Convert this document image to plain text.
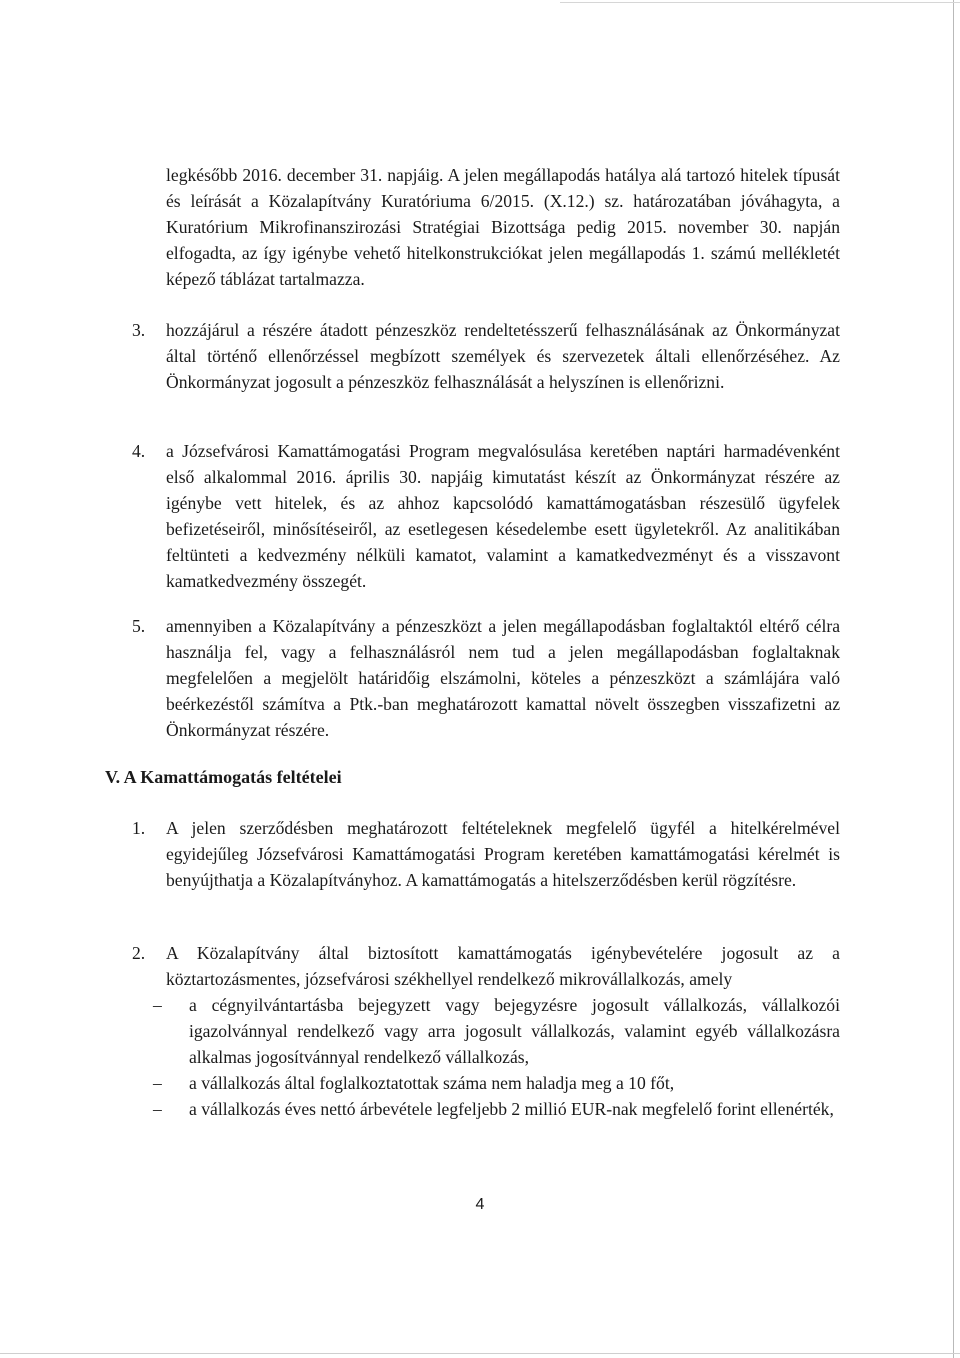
legkésőbb 2016. december 31. napjáig. A jelen megállapodás hatálya alá tartozó hitelek típusát és leírását a Közalapítvány Kuratóriuma 6/2015. (X.12.) sz. határozatában jóváhagyta, a Kuratórium Mikrofinanszirozási Stratégiai Bizottsága pedig 2015. november 30. napján elfogadta, az így igénybe vehető hitelkonstrukciókat jelen megállapodás 1. számú mellékletét képező táblázat tartalmazza.
3. hozzájárul a részére átadott pénzeszköz rendeltetésszerű felhasználásának az Önkormányzat által történő ellenőrzéssel megbízott személyek és szervezetek általi ellenőrzéséhez. Az Önkormányzat jogosult a pénzeszköz felhasználását a helyszínen is ellenőrizni.
4. a Józsefvárosi Kamattámogatási Program megvalósulása keretében naptári harmadévenként első alkalommal 2016. április 30. napjáig kimutatást készít az Önkormányzat részére az igénybe vett hitelek, és az ahhoz kapcsolódó kamattámogatásban részesülő ügyfelek befizetéseiről, minősítéseiről, az esetlegesen késedelembe esett ügyletekről. Az analitikában feltünteti a kedvezmény nélküli kamatot, valamint a kamatkedvezményt és a visszavont kamatkedvezmény összegét.
5. amennyiben a Közalapítvány a pénzeszközt a jelen megállapodásban foglaltaktól eltérő célra használja fel, vagy a felhasználásról nem tud a jelen megállapodásban foglaltaknak megfelelően a megjelölt határidőig elszámolni, köteles a pénzeszközt a számlájára való beérkezéstől számítva a Ptk.-ban meghatározott kamattal növelt összegben visszafizetni az Önkormányzat részére.
V. A Kamattámogatás feltételei
1. A jelen szerződésben meghatározott feltételeknek megfelelő ügyfél a hitelkérelmével egyidejűleg Józsefvárosi Kamattámogatási Program keretében kamattámogatási kérelmét is benyújthatja a Közalapítványhoz. A kamattámogatás a hitelszerződésben kerül rögzítésre.
2. A Közalapítvány által biztosított kamattámogatás igénybevételére jogosult az a köztartozásmentes, józsefvárosi székhellyel rendelkező mikrovállalkozás, amely
– a cégnyilvántartásba bejegyzett vagy bejegyzésre jogosult vállalkozás, vállalkozói igazolvánnyal rendelkező vagy arra jogosult vállalkozás, valamint egyéb vállalkozásra alkalmas jogosítvánnyal rendelkező vállalkozás,
– a vállalkozás által foglalkoztatottak száma nem haladja meg a 10 főt,
– a vállalkozás éves nettó árbevétele legfeljebb 2 millió EUR-nak megfelelő forint ellenérték,
4
